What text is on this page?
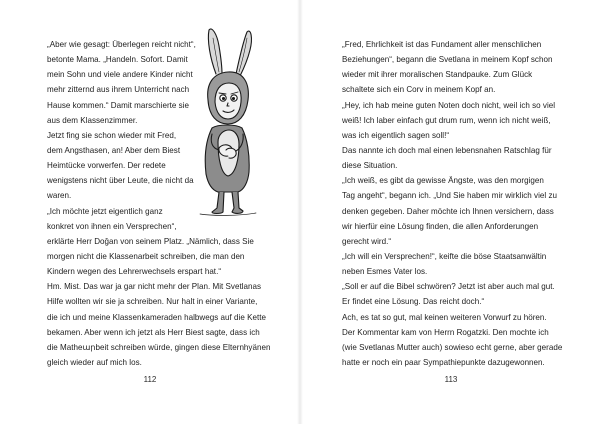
„Aber wie gesagt: Überlegen reicht nicht“,
betonte Mama. „Handeln. Sofort. Damit
mein Sohn und viele andere Kinder nicht
mehr zitternd aus ihrem Unterricht nach
Hause kommen.“ Damit marschierte sie
aus dem Klassenzimmer.
Jetzt fing sie schon wieder mit Fred,
dem Angsthasen, an! Aber dem Biest
Heimtücke vorwerfen. Der redete
wenigstens nicht über Leute, die nicht da
waren.
„Ich möchte jetzt eigentlich ganz
konkret von ihnen ein Versprechen“,
erklärte Herr Doğan von seinem Platz. „Nämlich, dass Sie
morgen nicht die Klassenarbeit schreiben, die man den
Kindern wegen des Lehrerwechsels erspart hat.“
Hm. Mist. Das war ja gar nicht mehr der Plan. Mit Svetlanas
Hilfe wollten wir sie ja schreiben. Nur halt in einer Variante,
die ich und meine Klassenkameraden halbwegs auf die Kette
bekamen. Aber wenn ich jetzt als Herr Biest sagte, dass ich
die Matheարbeit schreiben würde, gingen diese Elternhyänen
gleich wieder auf mich los.
112
„Fred, Ehrlichkeit ist das Fundament aller menschlichen
Beziehungen“, begann die Svetlana in meinem Kopf schon
wieder mit ihrer moralischen Standpauke. Zum Glück
schaltete sich ein Corv in meinem Kopf an.
„Hey, ich hab meine guten Noten doch nicht, weil ich so viel
weiß! Ich laber einfach gut drum rum, wenn ich nicht weiß,
was ich eigentlich sagen soll!“
Das nannte ich doch mal einen lebensnahen Ratschlag für
diese Situation.
„Ich weiß, es gibt da gewisse Ängste, was den morgigen
Tag angeht“, begann ich. „Und Sie haben mir wirklich viel zu
denken gegeben. Daher möchte ich Ihnen versichern, dass
wir hierfür eine Lösung finden, die allen Anforderungen
gerecht wird.“
„Ich will ein Versprechen!“, keifte die böse Staatsanwältin
neben Esmes Vater los.
„Soll er auf die Bibel schwören? Jetzt ist aber auch mal gut.
Er findet eine Lösung. Das reicht doch.“
Ach, es tat so gut, mal keinen weiteren Vorwurf zu hören.
Der Kommentar kam von Herrn Rogatzki. Den mochte ich
(wie Svetlanas Mutter auch) sowieso echt gerne, aber gerade
hatte er noch ein paar Sympathiepunkte dazugewonnen.
113
